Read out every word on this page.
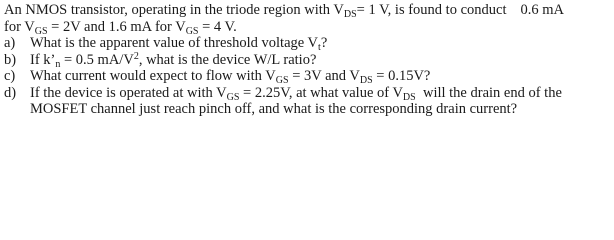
An NMOS transistor, operating in the triode region with $V_{DS}= 1$ V, is found to conduct 0.6 mA
for $V_{GS} = 2V$ and 1.6 mA for $V_{GS} = 4$ V.
a)	What is the apparent value of threshold voltage $V_t$?
b) If $k’_n = 0.5$ $mA/V^2$, what is the device W/L ratio?
c)	What current would expect to flow with $V_{GS} = 3V$ and $V_{DS} = 0.15V$?
d) If the device is operated at with $V_{GS} = 2.25V$, at what value of $V_{DS}$  will the drain end of the
MOSFET channel just reach pinch off, and what is the corresponding drain current?
